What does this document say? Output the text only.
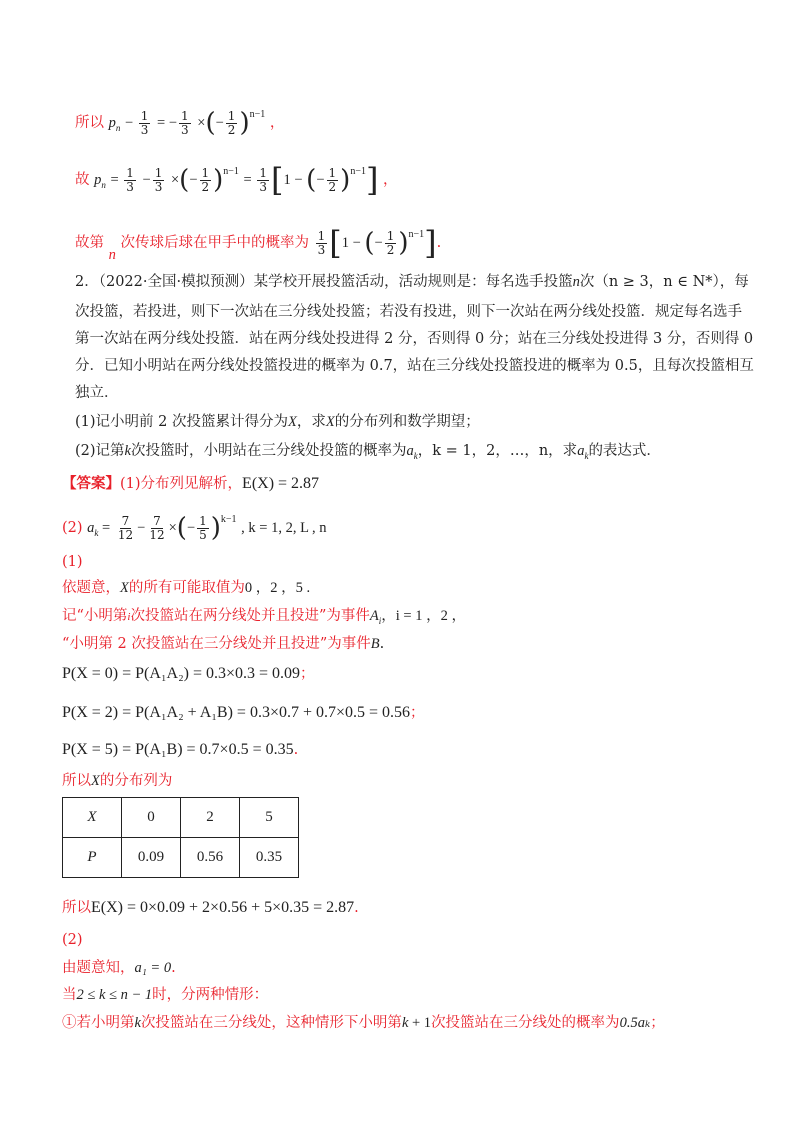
所以 $p_n - \frac{1}{3}$ = − $\frac{1}{3}$ ×(− $\frac{1}{2} )^{n-1}$ ，
故 $p_n = \frac{1}{3} - \frac{1}{3}$ ×(− $\frac{1}{2} )^{n-1} = \frac{1}{3} [1$ − (− $\frac{1}{2} )^{n-1}$] ，
故第 n 次传球后球在甲手中的概率为 $\frac{1}{3} [1$ − (− $\frac{1}{2} )^{n-1}$].
2．（2022·全国·模拟预测）某学校开展投篮活动，活动规则是：每名选手投篮n次（n ≥ 3，n ∈ N*），每
次投篮，若投进，则下一次站在三分线处投篮；若没有投进，则下一次站在两分线处投篮．规定每名选手
第一次站在两分线处投篮．站在两分线处投进得 2 分，否则得 0 分；站在三分线处投进得 3 分，否则得 0
分．已知小明站在两分线处投篮投进的概率为 0.7，站在三分线处投篮投进的概率为 0.5，且每次投篮相互
独立．
(1)记小明前 2 次投篮累计得分为X，求X的分布列和数学期望；
(2)记第k次投篮时，小明站在三分线处投篮的概率为$a_k$，k = 1，2，…，n，求$a_k$的表达式．
【答案】(1)分布列见解析，E(X) = 2.87
(2) $a_k = \frac{7}{12} - \frac{7}{12}$ ×(− $\frac{1}{5} )^{k-1}$ , k = 1, 2, L , n
(1)
依题意，X的所有可能取值为0 ，2 ，5 .
记“小明第i次投篮站在两分线处并且投进”为事件$A_i$，i = 1 ，2 ，
“小明第 2 次投篮站在三分线处并且投进”为事件B.
P(X = 0) = P(A₁A₂) = 0.3×0.3 = 0.09；
P(X = 2) = P(A₁A₂ + A₁B) = 0.3×0.7 + 0.7×0.5 = 0.56；
P(X = 5) = P(A₁B) = 0.7×0.5 = 0.35.
所以X的分布列为
X	0	2	5
P	0.09	0.56	0.35
所以E(X) = 0×0.09 + 2×0.56 + 5×0.35 = 2.87.
(2)
由题意知，a₁ = 0.
当2 ≤ k ≤ n − 1时，分两种情形：
①若小明第k次投篮站在三分线处，这种情形下小明第k + 1次投篮站在三分线处的概率为0.5aₖ；
